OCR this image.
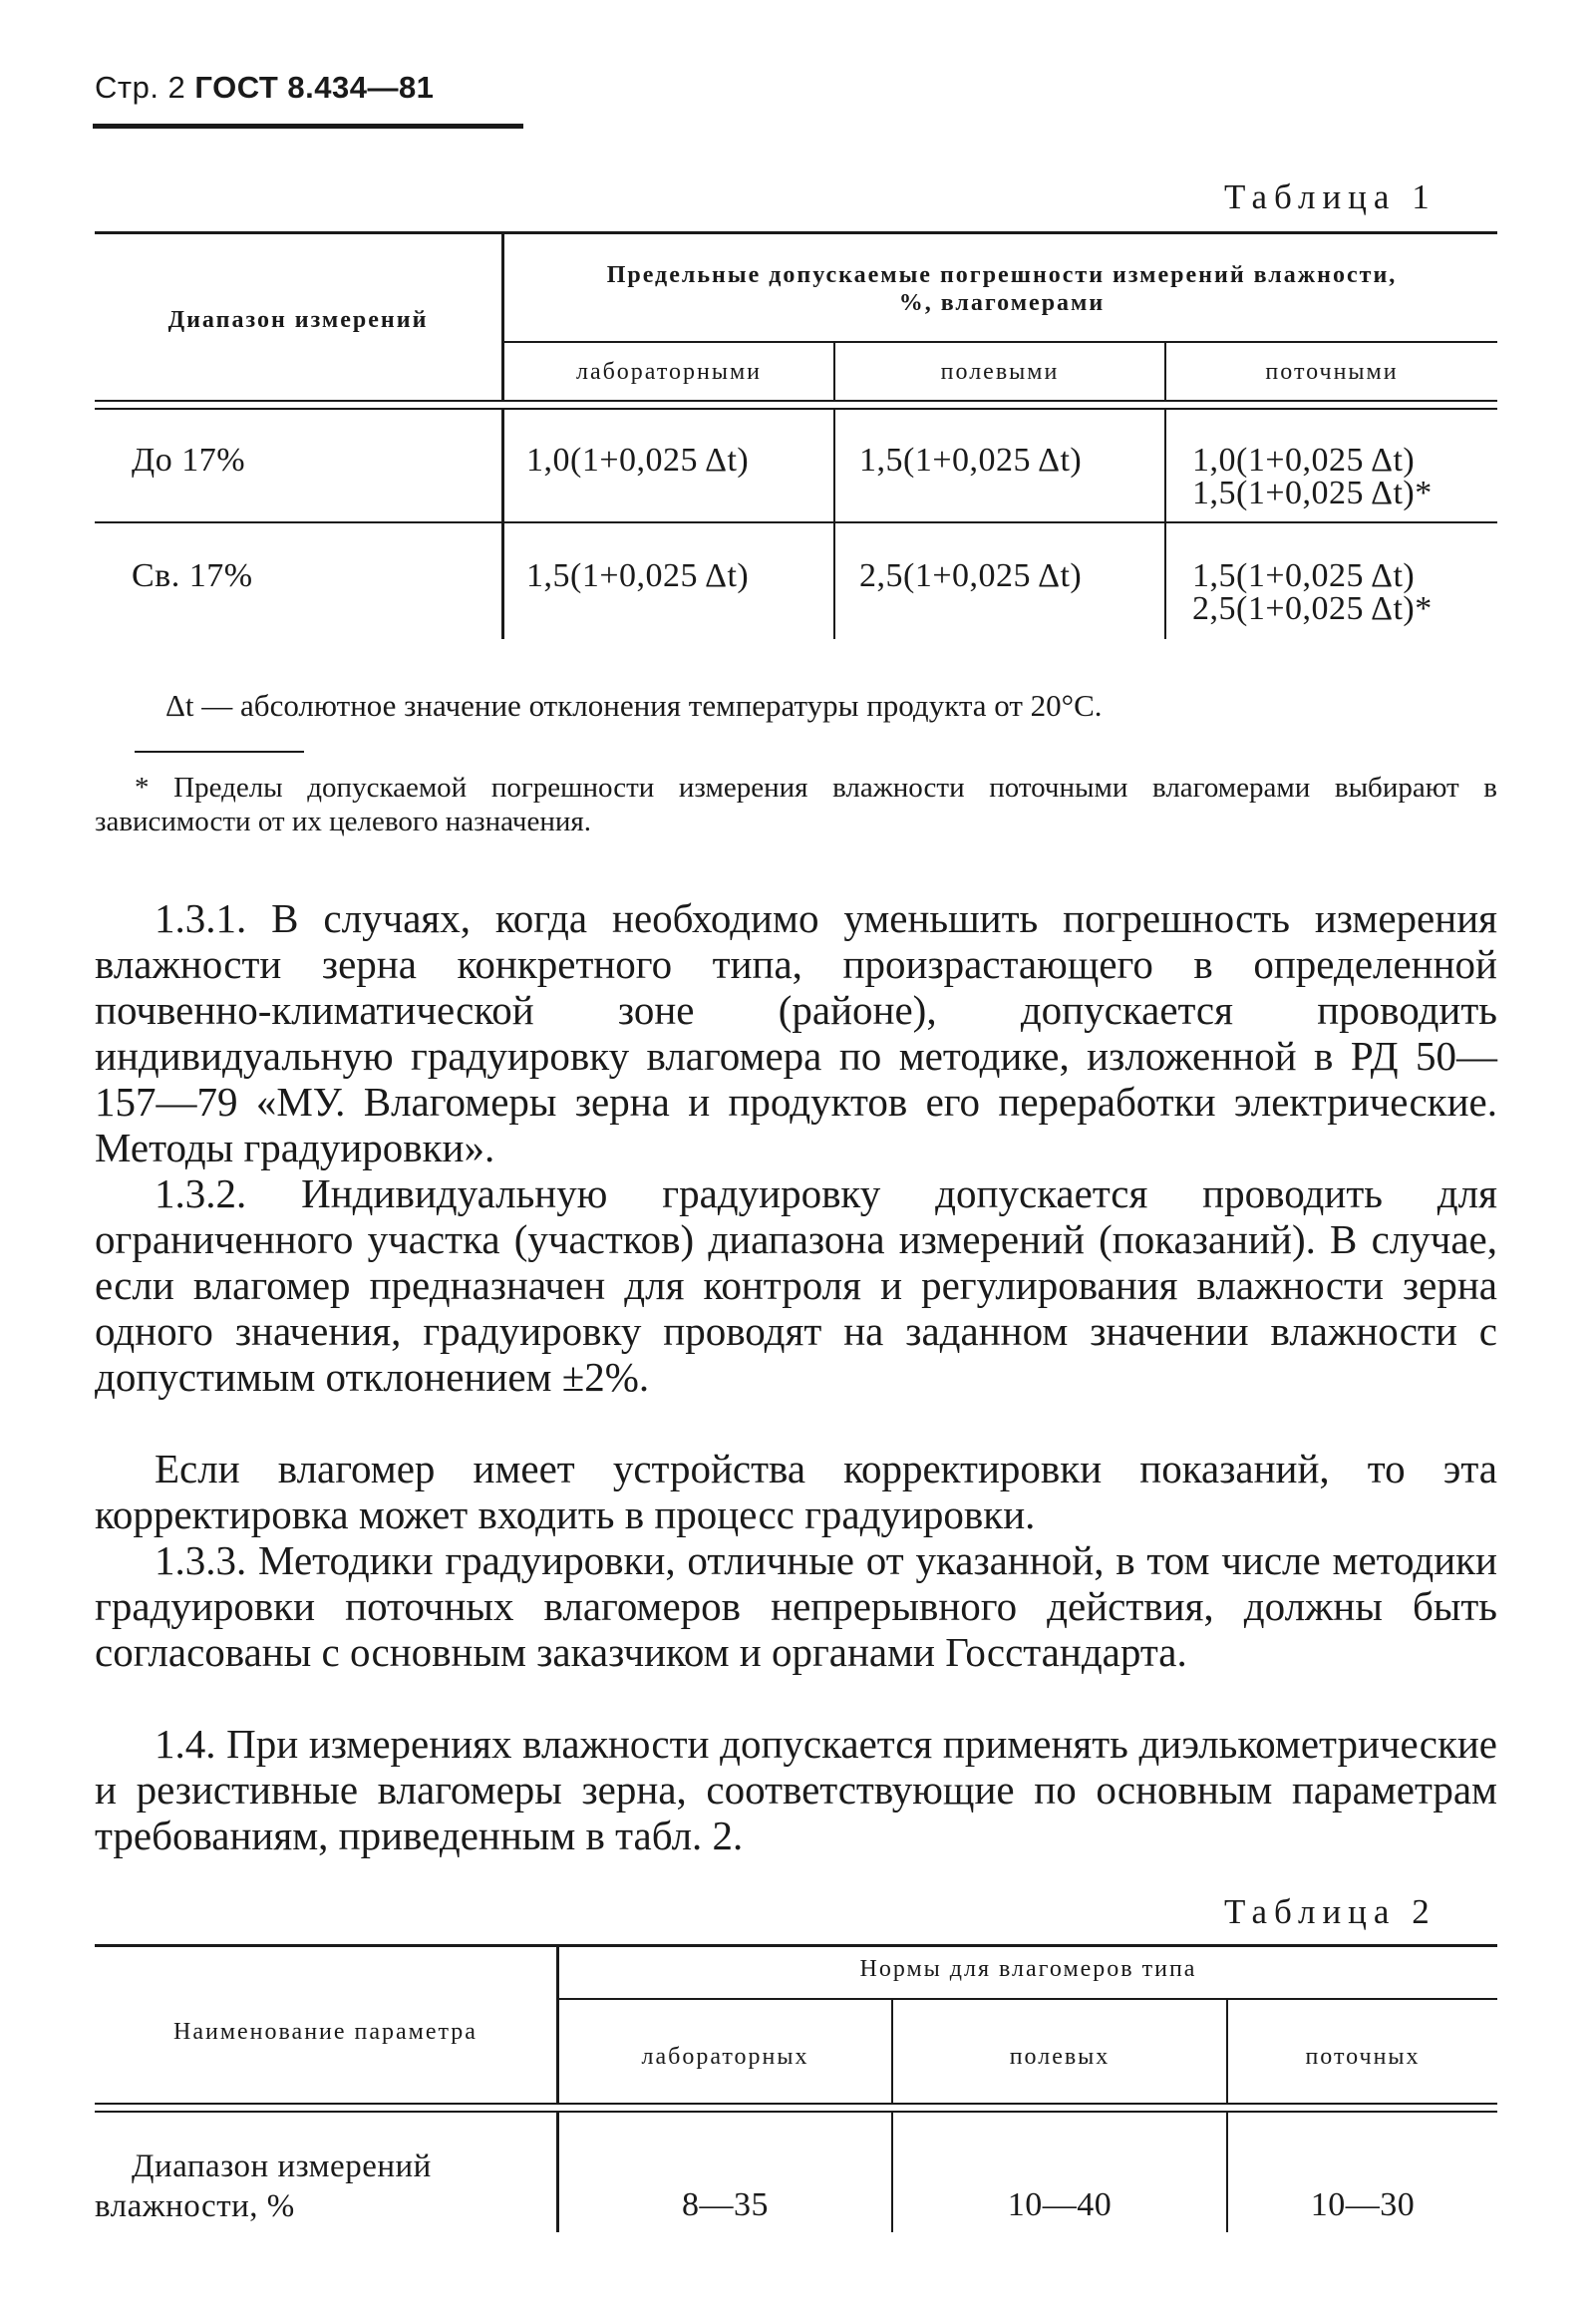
Стр. 2 ГОСТ 8.434—81
Таблица 1
Диапазон измерений
Предельные допускаемые погрешности измерений влажности, %, влагомерами
лабораторными	полевыми	поточными
До 17%	1,0(1+0,025 Δt)	1,5(1+0,025 Δt)	1,0(1+0,025 Δt)
1,5(1+0,025 Δt)*
Св. 17%	1,5(1+0,025 Δt)	2,5(1+0,025 Δt)	1,5(1+0,025 Δt)
2,5(1+0,025 Δt)*
Δt — абсолютное значение отклонения температуры продукта от 20°С.
* Пределы допускаемой погрешности измерения влажности поточными влагомерами выбирают в зависимости от их целевого назначения.
1.3.1. В случаях, когда необходимо уменьшить погрешность измерения влажности зерна конкретного типа, произрастающего в определенной почвенно-климатической зоне (районе), допускается проводить индивидуальную градуировку влагомера по методике, изложенной в РД 50—157—79 «МУ. Влагомеры зерна и продуктов его переработки электрические. Методы градуировки».
1.3.2. Индивидуальную градуировку допускается проводить для ограниченного участка (участков) диапазона измерений (показаний). В случае, если влагомер предназначен для контроля и регулирования влажности зерна одного значения, градуировку проводят на заданном значении влажности с допустимым отклонением ±2%.
Если влагомер имеет устройства корректировки показаний, то эта корректировка может входить в процесс градуировки.
1.3.3. Методики градуировки, отличные от указанной, в том числе методики градуировки поточных влагомеров непрерывного действия, должны быть согласованы с основным заказчиком и органами Госстандарта.
1.4. При измерениях влажности допускается применять диэлькометрические и резистивные влагомеры зерна, соответствующие по основным параметрам требованиям, приведенным в табл. 2.
Таблица 2
Наименование параметра
Нормы для влагомеров типа
лабораторных	полевых	поточных
Диапазон измерений
влажности, %	8—35	10—40	10—30
